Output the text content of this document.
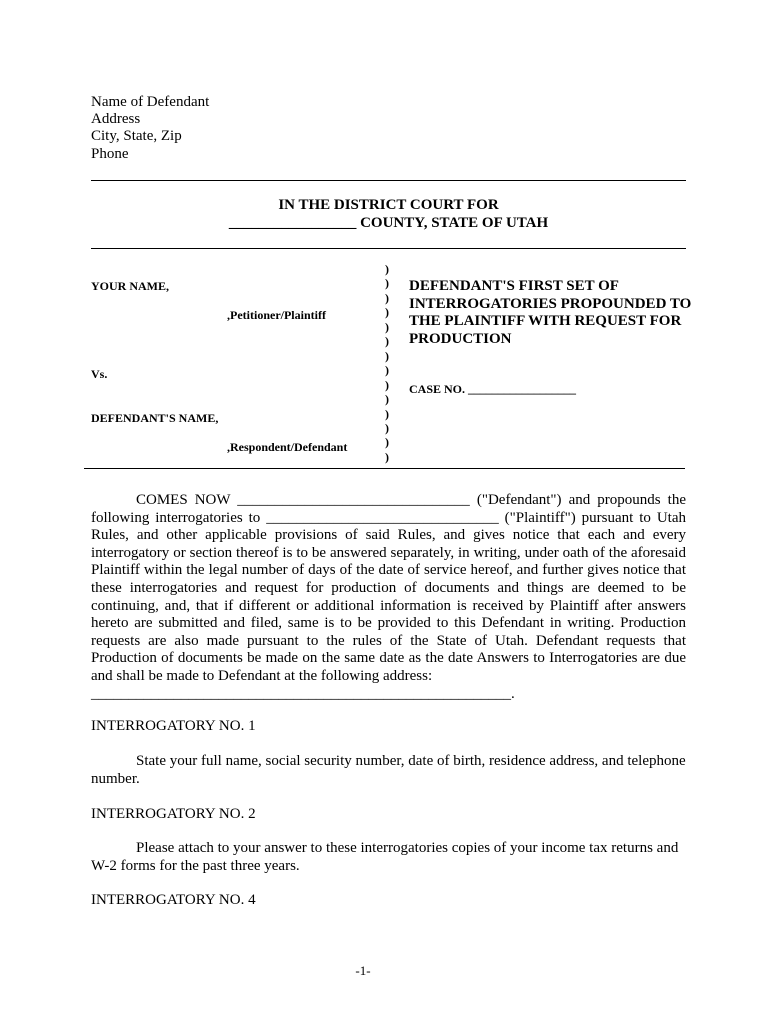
Name of Defendant
Address
City, State, Zip
Phone
IN THE DISTRICT COURT FOR
_________________ COUNTY, STATE OF UTAH
YOUR NAME,
,Petitioner/Plaintiff
Vs.
DEFENDANT'S NAME,
,Respondent/Defendant
)
)
)
)
)
)
)
)
)
)
)
)
)
)
DEFENDANT'S FIRST SET OF INTERROGATORIES PROPOUNDED TO THE PLAINTIFF WITH REQUEST FOR PRODUCTION
CASE NO. __________________
COMES NOW _______________________________ ("Defendant") and propounds the following interrogatories to _______________________________ ("Plaintiff") pursuant to Utah Rules, and other applicable provisions of said Rules, and gives notice that each and every interrogatory or section thereof is to be answered separately, in writing, under oath of the aforesaid Plaintiff within the legal number of days of the date of service hereof, and further gives notice that these interrogatories and request for production of documents and things are deemed to be continuing, and, that if different or additional information is received by Plaintiff after answers hereto are submitted and filed, same is to be provided to this Defendant in writing. Production requests are also made pursuant to the rules of the State of Utah. Defendant requests that Production of documents be made on the same date as the date Answers to Interrogatories are due and shall be made to Defendant at the following address:
________________________________________________________.
INTERROGATORY NO. 1
State your full name, social security number, date of birth, residence address, and telephone number.
INTERROGATORY NO. 2
Please attach to your answer to these interrogatories copies of your income tax returns and W-2 forms for the past three years.
INTERROGATORY NO. 4
-1-
